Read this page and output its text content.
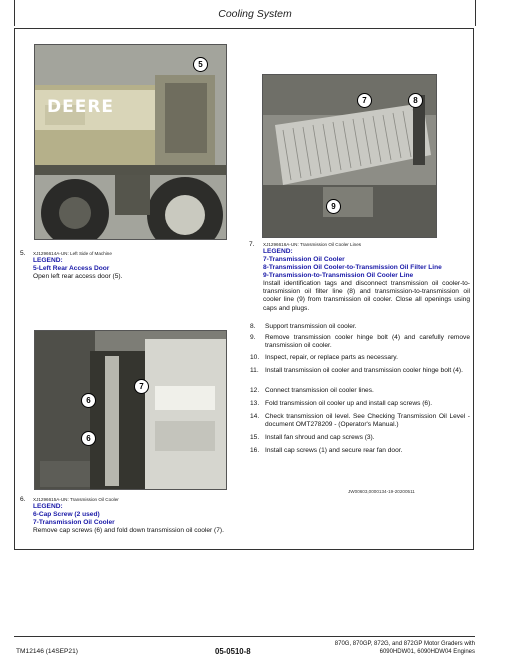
Cooling System
DEERE
5
5. XJ1296614A-UN: Left Side of Machine
LEGEND:
5-Left Rear Access Door
Open left rear access door (5).
7	8
9
7. XJ1296616A-UN: Transmission Oil Cooler Lines
LEGEND:
7-Transmission Oil Cooler
8-Transmission Oil Cooler-to-Transmission Oil Filter Line
9-Transmission-to-Transmission Oil Cooler Line
Install identification tags and disconnect transmission oil cooler-to-transmission oil filter line (8) and transmission-to-transmission oil cooler line (9) from transmission oil cooler. Close all openings using caps and plugs.
7
6
6
6. XJ1296615A-UN: Transmission Oil Cooler
LEGEND:
6-Cap Screw (2 used)
7-Transmission Oil Cooler
Remove cap screws (6) and fold down transmission oil cooler (7).
8.	Support transmission oil cooler.
9.	Remove transmission cooler hinge bolt (4) and carefully remove transmission oil cooler.
10. Inspect, repair, or replace parts as necessary.
11. Install transmission oil cooler and transmission cooler hinge bolt (4).
12. Connect transmission oil cooler lines.
13. Fold transmission oil cooler up and install cap screws (6).
14. Check transmission oil level. See Checking Transmission Oil Level - document OMT278209 - (Operator's Manual.)
15. Install fan shroud and cap screws (3).
16. Install cap screws (1) and secure rear fan door.
JW00603,0000134-19-20200511
TM12146 (14SEP21)	05-0510-8
870G, 870GP, 872G, and 872GP Motor Graders with
6090HDW01, 6090HDW04 Engines
